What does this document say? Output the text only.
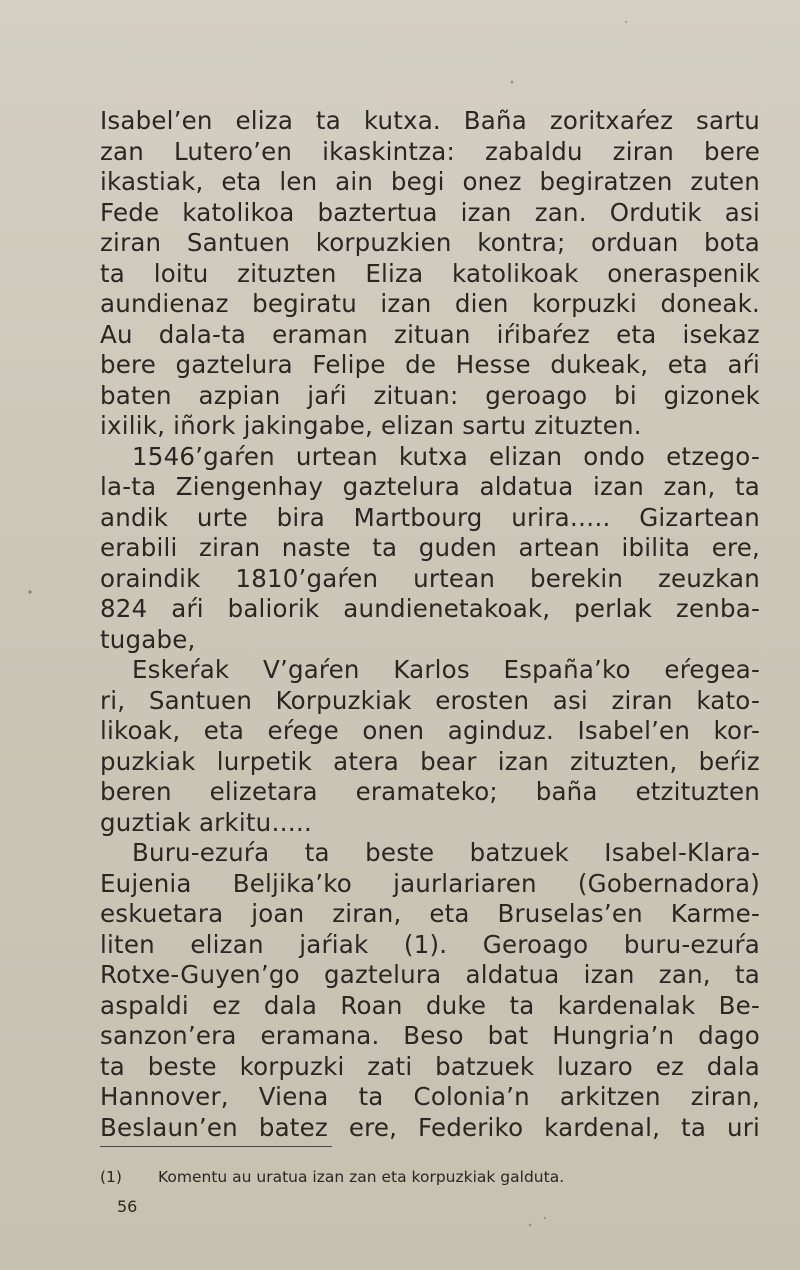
Isabel’en eliza ta kutxa. Baña zoritxaŕez sartu
zan Lutero’en ikaskintza: zabaldu ziran bere
ikastiak, eta len ain begi onez begiratzen zuten
Fede katolikoa baztertua izan zan. Ordutik asi
ziran Santuen korpuzkien kontra; orduan bota
ta loitu zituzten Eliza katolikoak oneraspenik
aundienaz begiratu izan dien korpuzki doneak.
Au dala-ta eraman zituan iŕibaŕez eta isekaz
bere gaztelura Felipe de Hesse dukeak, eta aŕi
baten azpian jaŕi zituan: geroago bi gizonek
ixilik, iñork jakingabe, elizan sartu zituzten.
1546’gaŕen urtean kutxa elizan ondo etzego-
la-ta Ziengenhay gaztelura aldatua izan zan, ta
andik urte bira Martbourg urira….. Gizartean
erabili ziran naste ta guden artean ibilita ere,
oraindik 1810’gaŕen urtean berekin zeuzkan
824 aŕi baliorik aundienetakoak, perlak zenba-
tugabe,
Eskeŕak V’gaŕen Karlos España’ko eŕegea-
ri, Santuen Korpuzkiak erosten asi ziran kato-
likoak, eta eŕege onen aginduz. Isabel’en kor-
puzkiak lurpetik atera bear izan zituzten, beŕiz
beren elizetara eramateko; baña etzituzten
guztiak arkitu…..
Buru-ezuŕa ta beste batzuek Isabel-Klara-
Eujenia Beljika’ko jaurlariaren (Gobernadora)
eskuetara joan ziran, eta Bruselas’en Karme-
liten elizan jaŕiak (1). Geroago buru-ezuŕa
Rotxe-Guyen’go gaztelura aldatua izan zan, ta
aspaldi ez dala Roan duke ta kardenalak Be-
sanzon’era eramana. Beso bat Hungria’n dago
ta beste korpuzki zati batzuek luzaro ez dala
Hannover, Viena ta Colonia’n arkitzen ziran,
Beslaun’en batez ere, Federiko kardenal, ta uri
(1) Komentu au uratua izan zan eta korpuzkiak galduta.
56
